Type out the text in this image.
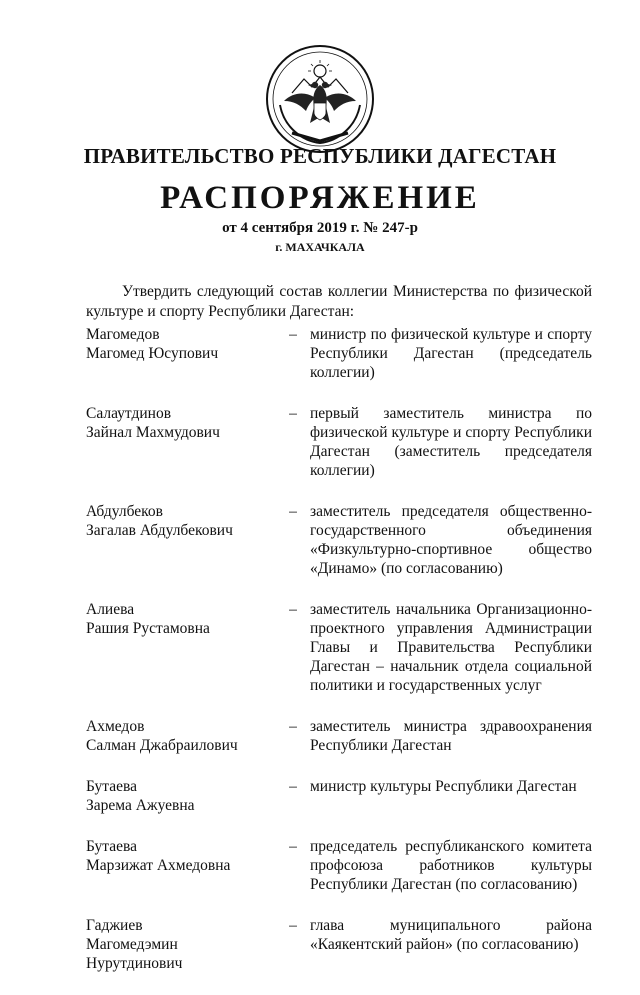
ПРАВИТЕЛЬСТВО РЕСПУБЛИКИ ДАГЕСТАН
РАСПОРЯЖЕНИЕ
от 4 сентября 2019 г. № 247-р
г. МАХАЧКАЛА
Утвердить следующий состав коллегии Министерства по физической культуре и спорту Республики Дагестан:
Магомедов
Магомед Юсупович
– министр по физической культуре и спорту Республики Дагестан (председатель коллегии)
Салаутдинов
Зайнал Махмудович
– первый заместитель министра по физической культуре и спорту Республики Дагестан (заместитель председателя коллегии)
Абдулбеков
Загалав Абдулбекович
– заместитель председателя общественно-государственного объединения «Физкультурно-спортивное общество «Динамо» (по согласованию)
Алиева
Рашия Рустамовна
– заместитель начальника Организационно-проектного управления Администрации Главы и Правительства Республики Дагестан – начальник отдела социальной политики и государственных услуг
Ахмедов
Салман Джабраилович
– заместитель министра здравоохранения Республики Дагестан
Бутаева
Зарема Ажуевна
– министр культуры Республики Дагестан
Бутаева
Марзижат Ахмедовна
– председатель республиканского комитета профсоюза работников культуры Республики Дагестан (по согласованию)
Гаджиев
Магомедэмин Нурутдинович
– глава муниципального района «Каякентский район» (по согласованию)
